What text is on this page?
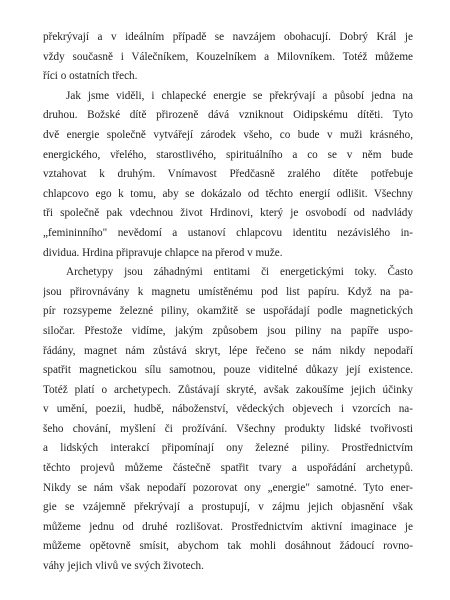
překrývají a v ideálním případě se navzájem obohacují. Dobrý Král je
vždy současně i Válečníkem, Kouzelníkem a Milovníkem. Totéž můžeme
říci o ostatních třech.
Jak jsme viděli, i chlapecké energie se překrývají a působí jedna na
druhou. Božské dítě přirozeně dává vzniknout Oidipskému dítěti. Tyto
dvě energie společně vytvářejí zárodek všeho, co bude v muži krásného,
energického, vřelého, starostlivého, spirituálního a co se v něm bude
vztahovat k druhým. Vnímavost Předčasně zralého dítěte potřebuje
chlapcovo ego k tomu, aby se dokázalo od těchto energií odlišit. Všechny
tři společně pak vdechnou život Hrdinovi, který je osvobodí od nadvlády
„femininního" nevědomí a ustanoví chlapcovu identitu nezávislého in-
dividua. Hrdina připravuje chlapce na přerod v muže.
Archetypy jsou záhadnými entitami či energetickými toky. Často
jsou přirovnávány k magnetu umístěnému pod list papíru. Když na pa-
pír rozsypeme železné piliny, okamžitě se uspořádají podle magnetických
siločar. Přestože vidíme, jakým způsobem jsou piliny na papíře uspo-
řádány, magnet nám zůstává skryt, lépe řečeno se nám nikdy nepodaří
spatřit magnetickou sílu samotnou, pouze viditelné důkazy její existence.
Totéž platí o archetypech. Zůstávají skryté, avšak zakoušíme jejich účinky
v umění, poezii, hudbě, náboženství, vědeckých objevech i vzorcích na-
šeho chování, myšlení či prožívání. Všechny produkty lidské tvořivosti
a lidských interakcí připomínají ony železné piliny. Prostřednictvím
těchto projevů můžeme částečně spatřit tvary a uspořádání archetypů.
Nikdy se nám však nepodaří pozorovat ony „energie" samotné. Tyto ener-
gie se vzájemně překrývají a prostupují, v zájmu jejich objasnění však
můžeme jednu od druhé rozlišovat. Prostřednictvím aktivní imaginace je
můžeme opětovně smísit, abychom tak mohli dosáhnout žádoucí rovno-
váhy jejich vlivů ve svých životech.
